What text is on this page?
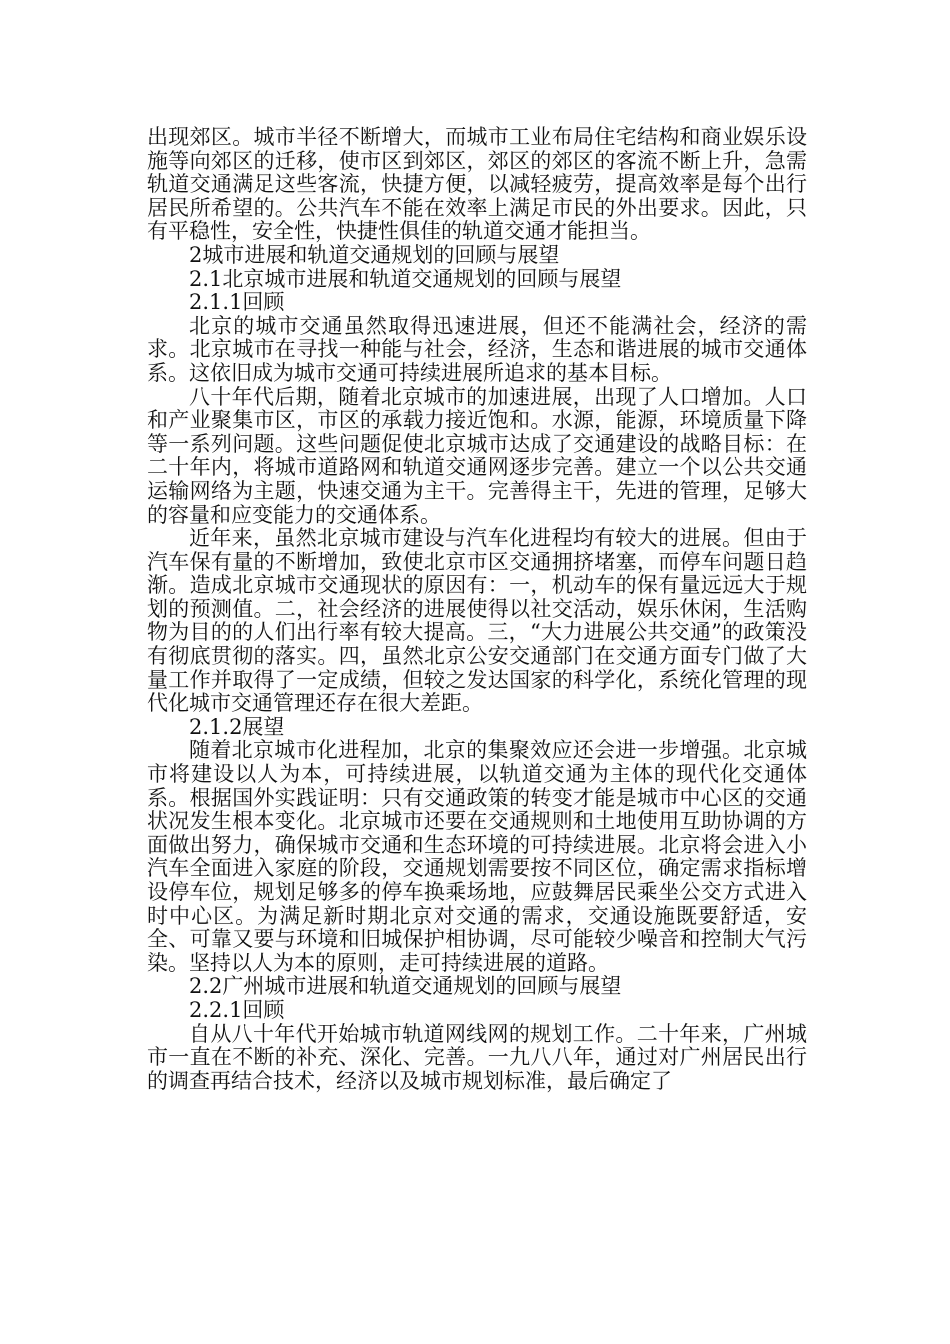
出现郊区。城市半径不断增大，而城市工业布局住宅结构和商业娱乐设施等向郊区的迁移，使市区到郊区，郊区的郊区的客流不断上升，急需轨道交通满足这些客流，快捷方便，以减轻疲劳，提高效率是每个出行居民所希望的。公共汽车不能在效率上满足市民的外出要求。因此，只有平稳性，安全性，快捷性俱佳的轨道交通才能担当。

2城市进展和轨道交通规划的回顾与展望

2.1北京城市进展和轨道交通规划的回顾与展望

2.1.1回顾

北京的城市交通虽然取得迅速进展，但还不能满社会，经济的需求。北京城市在寻找一种能与社会，经济，生态和谐进展的城市交通体系。这依旧成为城市交通可持续进展所追求的基本目标。

八十年代后期，随着北京城市的加速进展，出现了人口增加。人口和产业聚集市区，市区的承载力接近饱和。水源，能源，环境质量下降等一系列问题。这些问题促使北京城市达成了交通建设的战略目标：在二十年内，将城市道路网和轨道交通网逐步完善。建立一个以公共交通运输网络为主题，快速交通为主干。完善得主干，先进的管理，足够大的容量和应变能力的交通体系。

近年来，虽然北京城市建设与汽车化进程均有较大的进展。但由于汽车保有量的不断增加，致使北京市区交通拥挤堵塞，而停车问题日趋渐。造成北京城市交通现状的原因有：一，机动车的保有量远远大于规划的预测值。二，社会经济的进展使得以社交活动，娱乐休闲，生活购物为目的的人们出行率有较大提高。三，“大力进展公共交通”的政策没有彻底贯彻的落实。四，虽然北京公安交通部门在交通方面专门做了大量工作并取得了一定成绩，但较之发达国家的科学化，系统化管理的现代化城市交通管理还存在很大差距。

2.1.2展望

随着北京城市化进程加，北京的集聚效应还会进一步增强。北京城市将建设以人为本，可持续进展，以轨道交通为主体的现代化交通体系。根据国外实践证明：只有交通政策的转变才能是城市中心区的交通状况发生根本变化。北京城市还要在交通规则和土地使用互助协调的方面做出努力，确保城市交通和生态环境的可持续进展。北京将会进入小汽车全面进入家庭的阶段，交通规划需要按不同区位，确定需求指标增设停车位，规划足够多的停车换乘场地，应鼓舞居民乘坐公交方式进入时中心区。为满足新时期北京对交通的需求，交通设施既要舒适，安全、可靠又要与环境和旧城保护相协调，尽可能较少噪音和控制大气污染。坚持以人为本的原则，走可持续进展的道路。

2.2广州城市进展和轨道交通规划的回顾与展望

2.2.1回顾

自从八十年代开始城市轨道网线网的规划工作。二十年来，广州城市一直在不断的补充、深化、完善。一九八八年，通过对广州居民出行的调查再结合技术，经济以及城市规划标准，最后确定了
